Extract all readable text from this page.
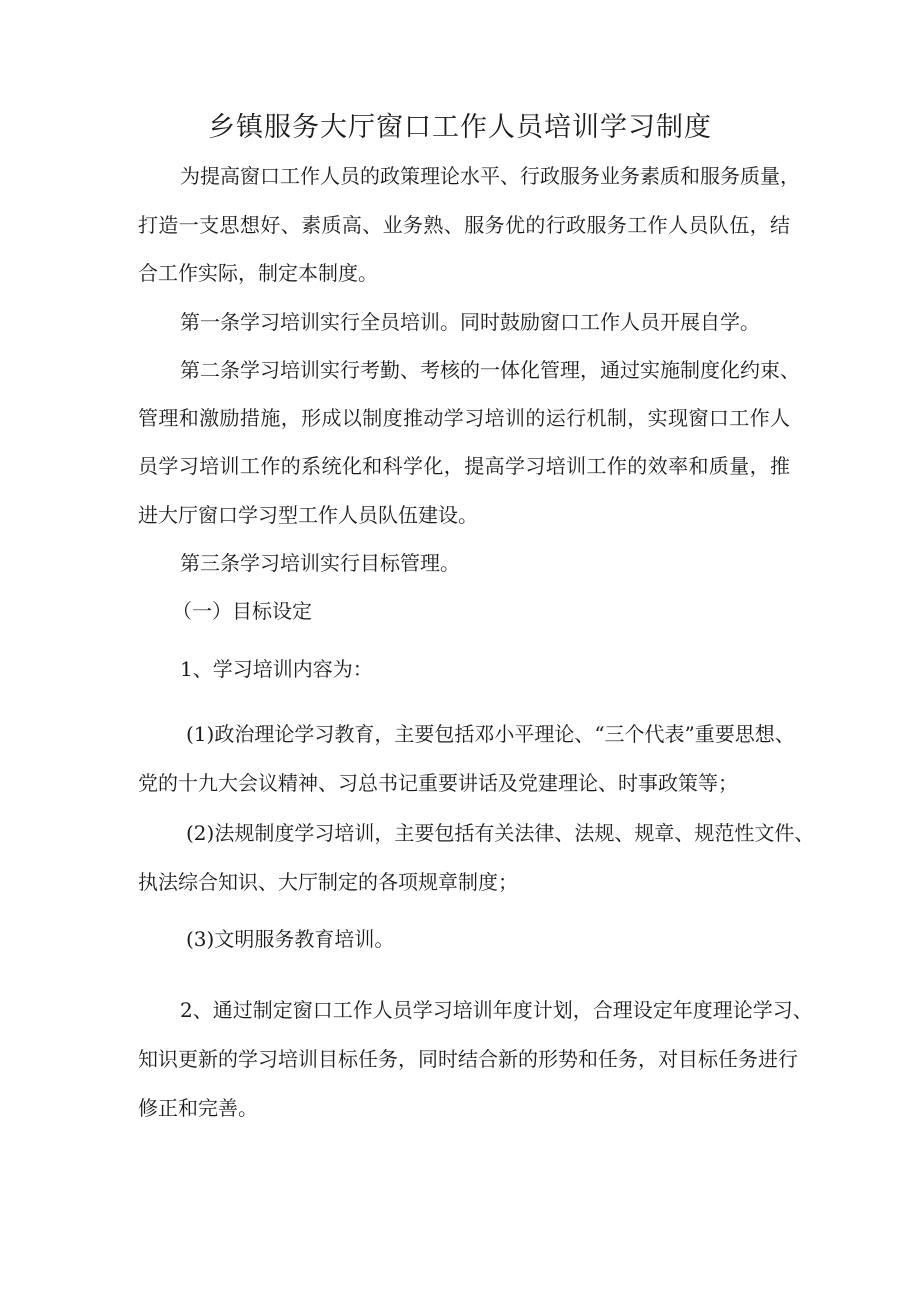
乡镇服务大厅窗口工作人员培训学习制度

为提高窗口工作人员的政策理论水平、行政服务业务素质和服务质量，

打造一支思想好、素质高、业务熟、服务优的行政服务工作人员队伍，结

合工作实际，制定本制度。

第一条学习培训实行全员培训。同时鼓励窗口工作人员开展自学。

第二条学习培训实行考勤、考核的一体化管理，通过实施制度化约束、

管理和激励措施，形成以制度推动学习培训的运行机制，实现窗口工作人

员学习培训工作的系统化和科学化，提高学习培训工作的效率和质量，推

进大厅窗口学习型工作人员队伍建设。

第三条学习培训实行目标管理。

（一）目标设定

1、学习培训内容为：

(1)政治理论学习教育，主要包括邓小平理论、“三个代表”重要思想、

党的十九大会议精神、习总书记重要讲话及党建理论、时事政策等；

(2)法规制度学习培训，主要包括有关法律、法规、规章、规范性文件、

执法综合知识、大厅制定的各项规章制度；

(3)文明服务教育培训。

2、通过制定窗口工作人员学习培训年度计划，合理设定年度理论学习、

知识更新的学习培训目标任务，同时结合新的形势和任务，对目标任务进行

修正和完善。
